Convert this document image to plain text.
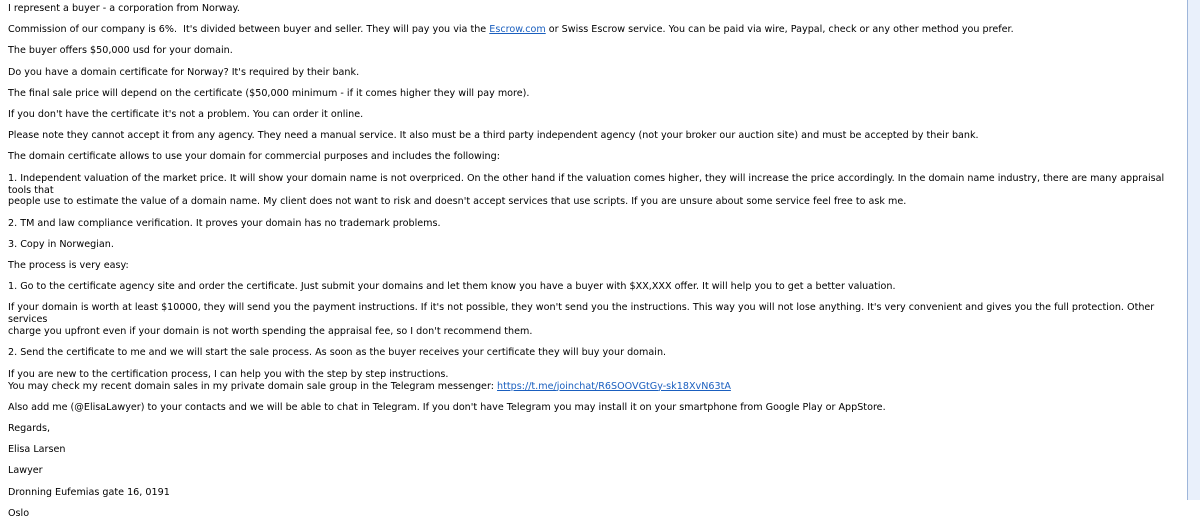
I represent a buyer - a corporation from Norway.

Commission of our company is 6%.  It's divided between buyer and seller. They will pay you via the Escrow.com or Swiss Escrow service. You can be paid via wire, Paypal, check or any other method you prefer.

The buyer offers $50,000 usd for your domain.

Do you have a domain certificate for Norway? It's required by their bank.

The final sale price will depend on the certificate ($50,000 minimum - if it comes higher they will pay more).

If you don't have the certificate it's not a problem. You can order it online.

Please note they cannot accept it from any agency. They need a manual service. It also must be a third party independent agency (not your broker our auction site) and must be accepted by their bank.

The domain certificate allows to use your domain for commercial purposes and includes the following:

1. Independent valuation of the market price. It will show your domain name is not overpriced. On the other hand if the valuation comes higher, they will increase the price accordingly. In the domain name industry, there are many appraisal tools that
people use to estimate the value of a domain name. My client does not want to risk and doesn't accept services that use scripts. If you are unsure about some service feel free to ask me.

2. TM and law compliance verification. It proves your domain has no trademark problems.

3. Copy in Norwegian.

The process is very easy:

1. Go to the certificate agency site and order the certificate. Just submit your domains and let them know you have a buyer with $XX,XXX offer. It will help you to get a better valuation.

If your domain is worth at least $10000, they will send you the payment instructions. If it's not possible, they won't send you the instructions. This way you will not lose anything. It's very convenient and gives you the full protection. Other services
charge you upfront even if your domain is not worth spending the appraisal fee, so I don't recommend them.

2. Send the certificate to me and we will start the sale process. As soon as the buyer receives your certificate they will buy your domain.

If you are new to the certification process, I can help you with the step by step instructions.
You may check my recent domain sales in my private domain sale group in the Telegram messenger: https://t.me/joinchat/R6SOOVGtGy-sk18XvN63tA

Also add me (@ElisaLawyer) to your contacts and we will be able to chat in Telegram. If you don't have Telegram you may install it on your smartphone from Google Play or AppStore.

Regards,

Elisa Larsen

Lawyer

Dronning Eufemias gate 16, 0191

Oslo
